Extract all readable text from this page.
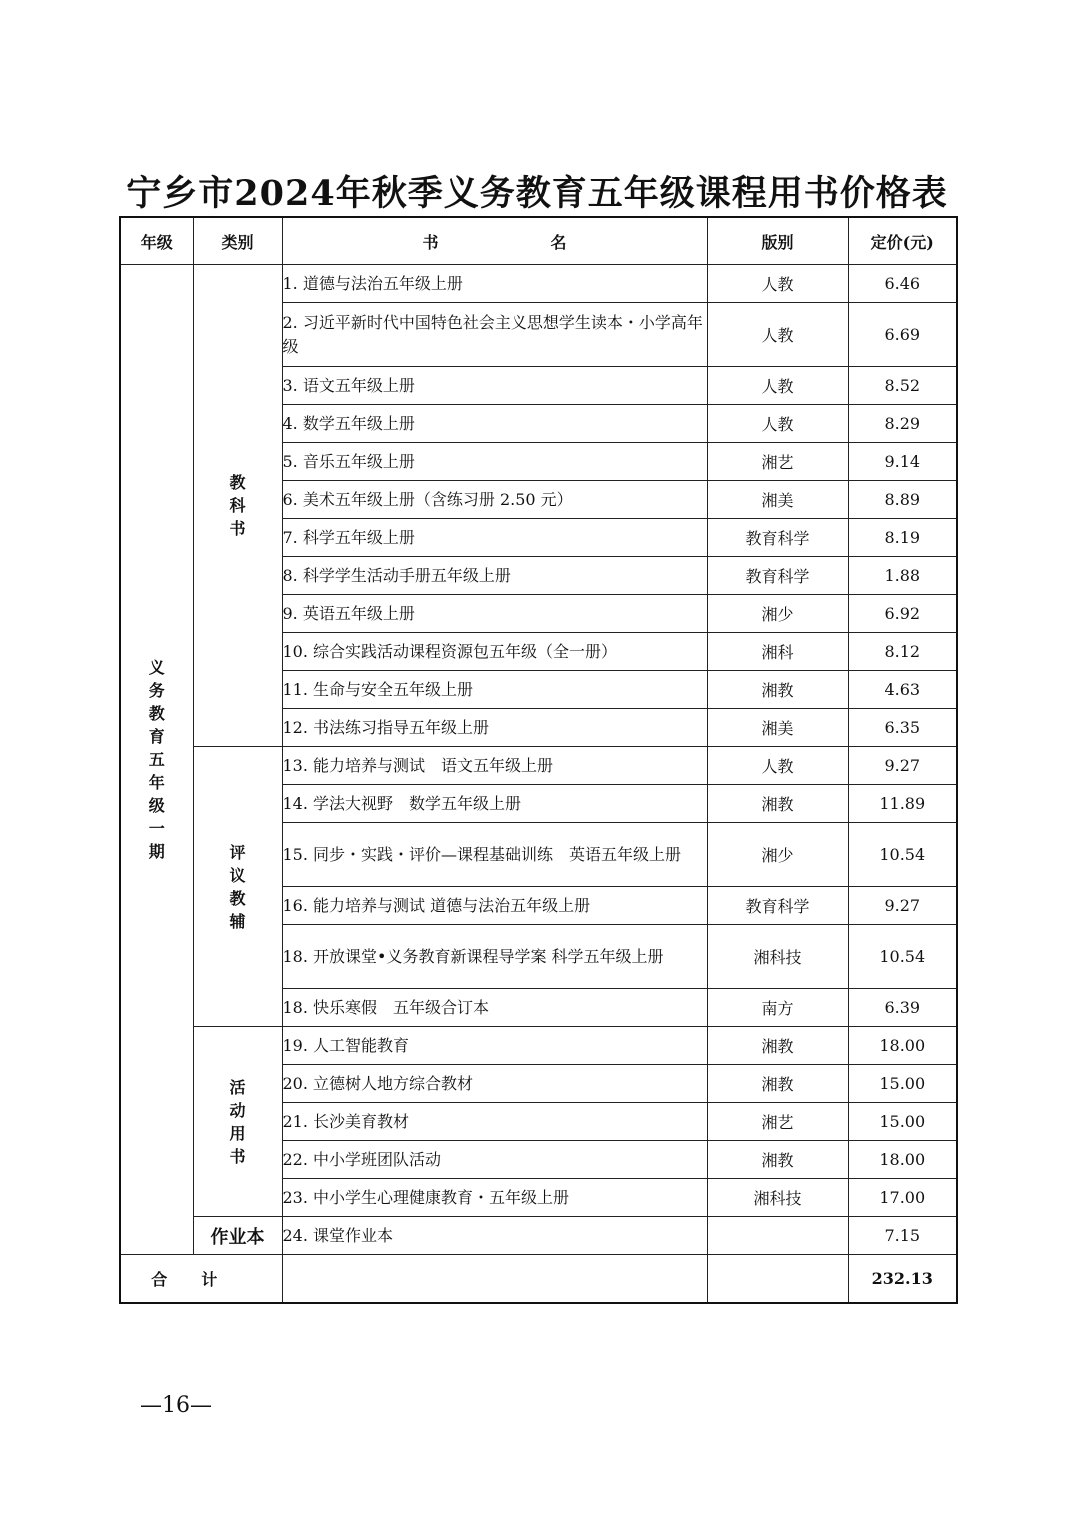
宁乡市2024年秋季义务教育五年级课程用书价格表
年级	类别	书　　　　　　　名	版别	定价(元)
义务教育五年级一期	教科书	1. 道德与法治五年级上册	人教	6.46
		2. 习近平新时代中国特色社会主义思想学生读本・小学高年级	人教	6.69
		3. 语文五年级上册	人教	8.52
		4. 数学五年级上册	人教	8.29
		5. 音乐五年级上册	湘艺	9.14
		6. 美术五年级上册（含练习册 2.50 元）	湘美	8.89
		7. 科学五年级上册	教育科学	8.19
		8. 科学学生活动手册五年级上册	教育科学	1.88
		9. 英语五年级上册	湘少	6.92
		10. 综合实践活动课程资源包五年级（全一册）	湘科	8.12
		11. 生命与安全五年级上册	湘教	4.63
		12. 书法练习指导五年级上册	湘美	6.35
	评议教辅	13. 能力培养与测试　语文五年级上册	人教	9.27
		14. 学法大视野　数学五年级上册	湘教	11.89
		15. 同步・实践・评价—课程基础训练　英语五年级上册	湘少	10.54
		16. 能力培养与测试 道德与法治五年级上册	教育科学	9.27
		18. 开放课堂•义务教育新课程导学案 科学五年级上册	湘科技	10.54
		18. 快乐寒假　五年级合订本	南方	6.39
	活动用书	19. 人工智能教育	湘教	18.00
		20. 立德树人地方综合教材	湘教	15.00
		21. 长沙美育教材	湘艺	15.00
		22. 中小学班团队活动	湘教	18.00
		23. 中小学生心理健康教育・五年级上册	湘科技	17.00
	作业本	24. 课堂作业本		7.15
合计				232.13
—16—
